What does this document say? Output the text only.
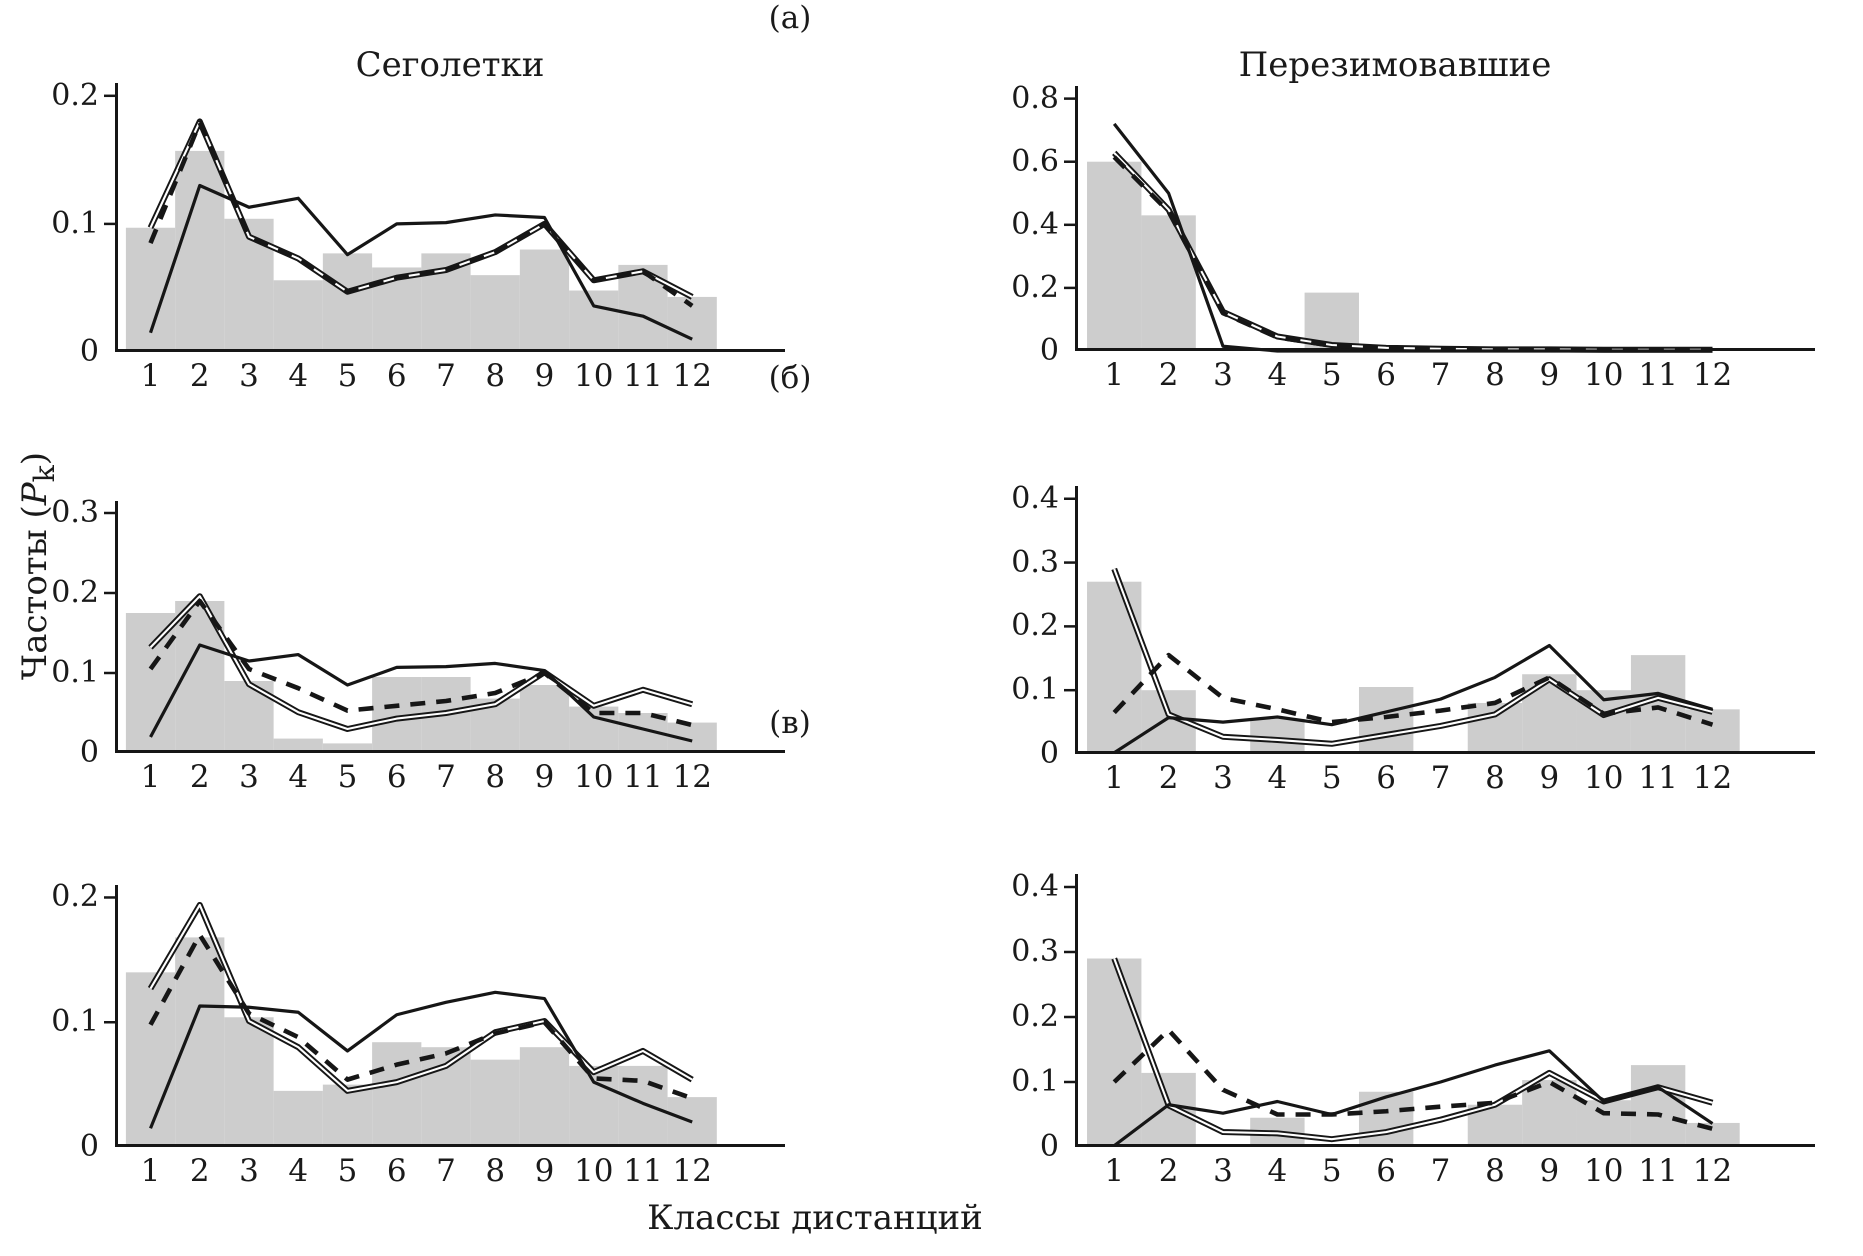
(а)
(б)
(в)
Сеголетки	Перезимовавшие
0
0.1
0.2
1 2 3 4 5 6 7 8 9 10 11 12
0
0.2
0.4
0.6
0.8
1	2	3	4	5	6	7	8	9 10 11 12
0
0.1
0.2
0.3
1 2 3 4 5 6 7 8 9 10 11 12
0
0.1
0.2
0.3
0.4
1	2	3	4	5	6	7	8	9 10 11 12
0
0.1
0.2
1 2 3 4 5 6 7 8 9 10 11 12
0
0.1
0.2
0.3
0.4
1	2	3	4	5	6	7	8	9 10 11 12
Частоты $(P_k)$
Классы дистанций
